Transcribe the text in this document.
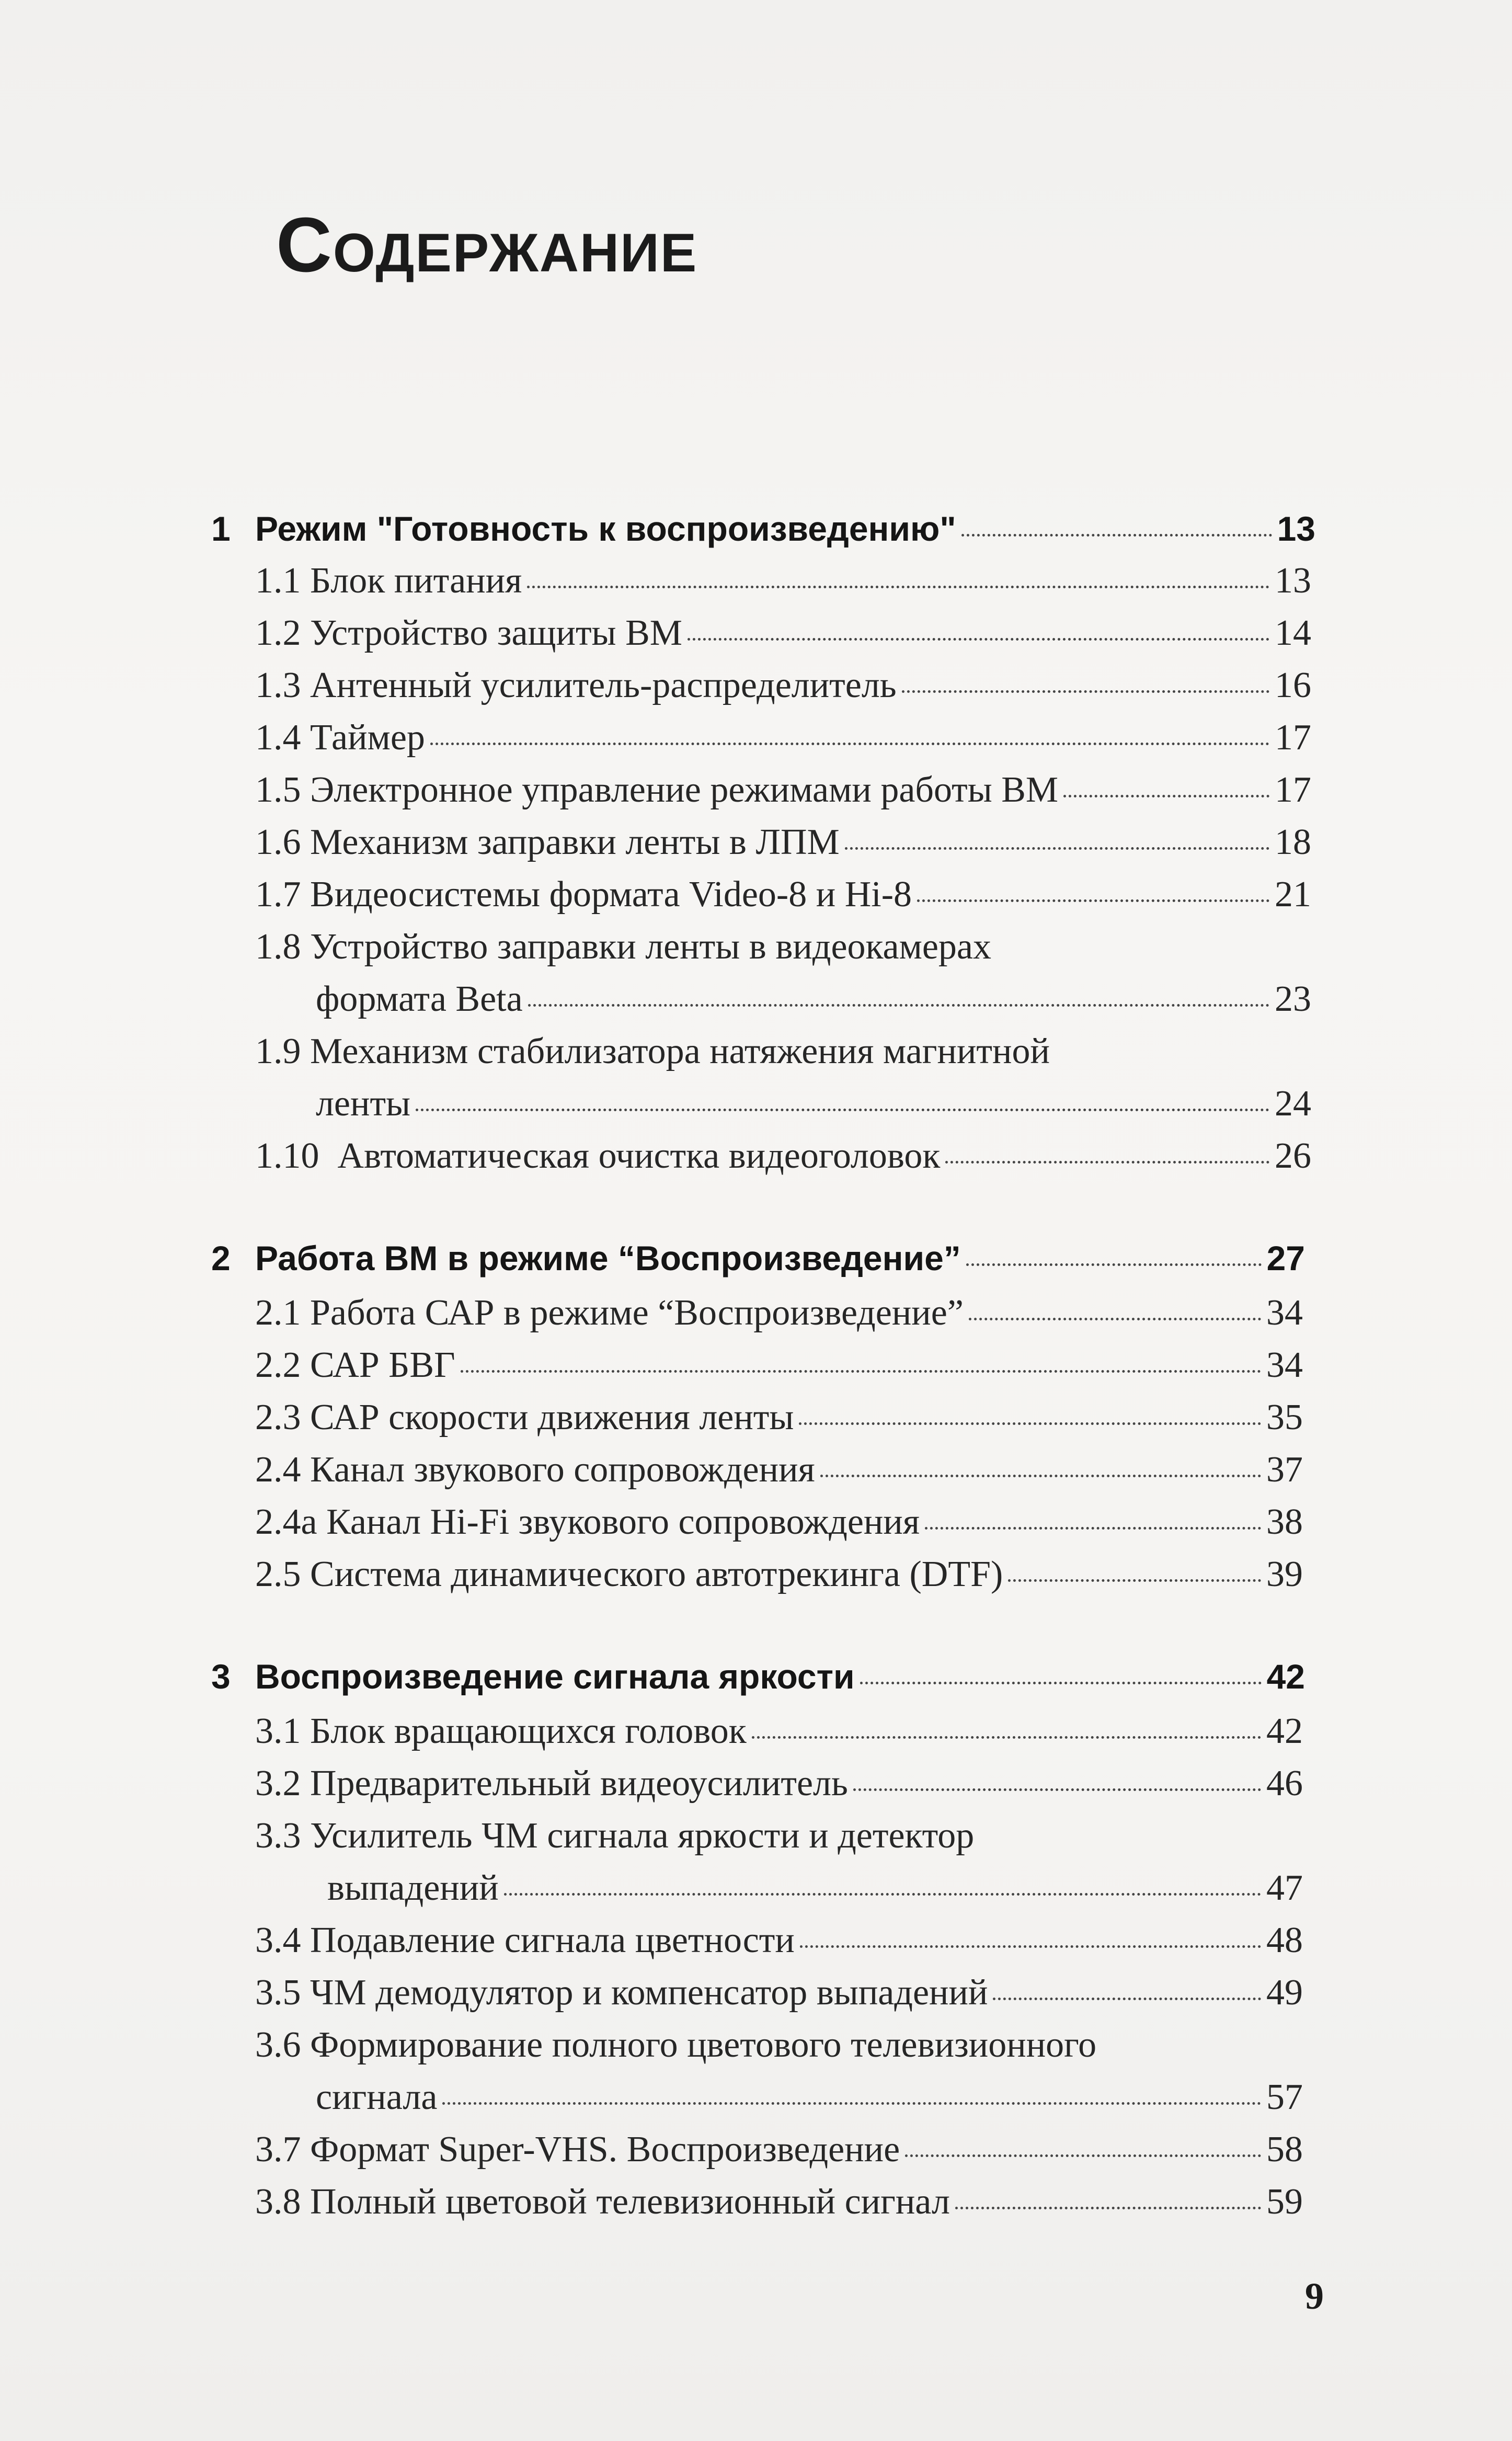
Содержание
1 Режим "Готовность к воспроизведению"	13
1.1 Блок питания	13
1.2 Устройство защиты ВМ	14
1.3 Антенный усилитель-распределитель	16
1.4 Таймер	17
1.5 Электронное управление режимами работы ВМ	17
1.6 Механизм заправки ленты в ЛПМ	18
1.7 Видеосистемы формата Video-8 и Hi-8	21
1.8 Устройство заправки ленты в видеокамерах
формата Beta	23
1.9 Механизм стабилизатора натяжения магнитной
ленты	24
1.10 Автоматическая очистка видеоголовок	26
2 Работа ВМ в режиме “Воспроизведение”	27
2.1 Работа САР в режиме “Воспроизведение”	34
2.2 САР БВГ	34
2.3 САР скорости движения ленты	35
2.4 Канал звукового сопровождения	37
2.4а Канал Hi-Fi звукового сопровождения	38
2.5 Система динамического автотрекинга (DTF)	39
3 Воспроизведение сигнала яркости	42
3.1 Блок вращающихся головок	42
3.2 Предварительный видеоусилитель	46
3.3 Усилитель ЧМ сигнала яркости и детектор
выпадений	47
3.4 Подавление сигнала цветности	48
3.5 ЧМ демодулятор и компенсатор выпадений	49
3.6 Формирование полного цветового телевизионного
сигнала	57
3.7 Формат Super-VHS. Воспроизведение	58
3.8 Полный цветовой телевизионный сигнал	59
9
